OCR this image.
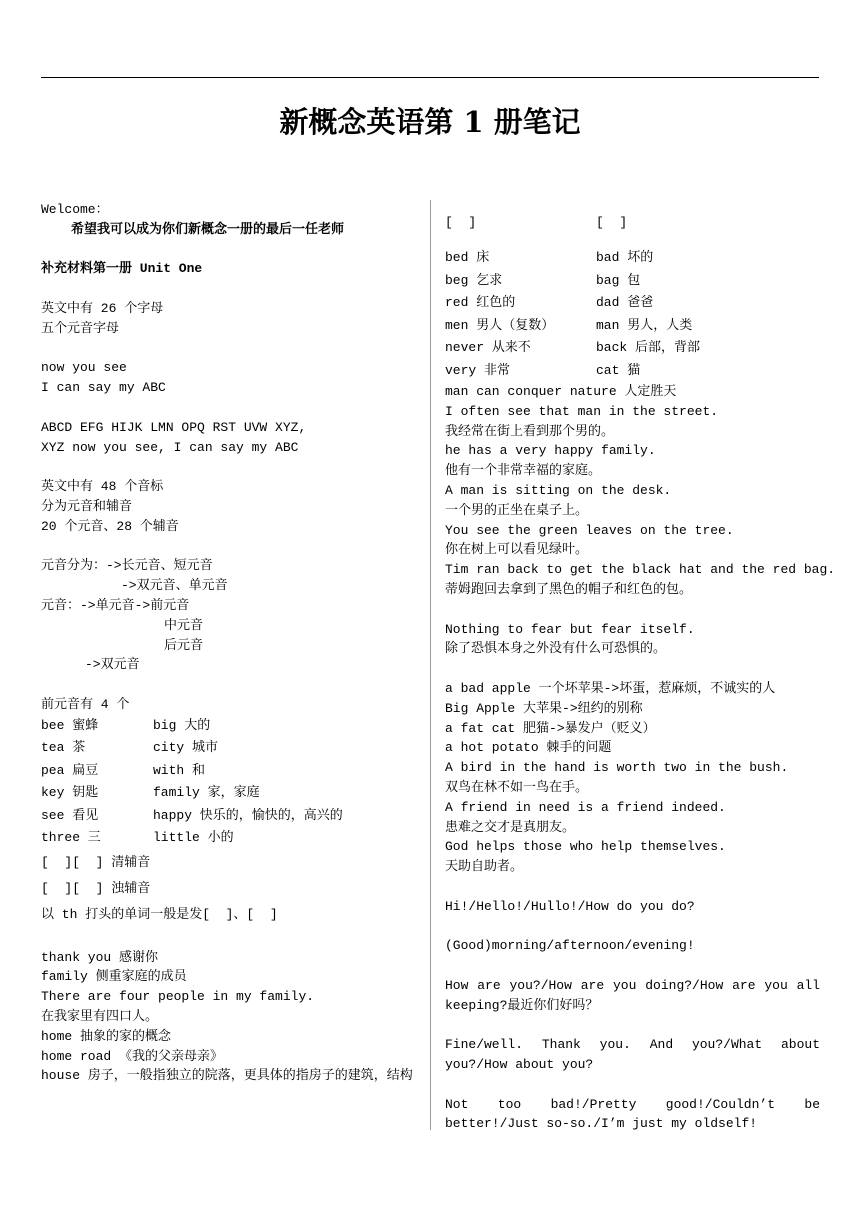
新概念英语第 1 册笔记
Welcome：
希望我可以成为你们新概念一册的最后一任老师
补充材料第一册 Unit One
英文中有 26 个字母
五个元音字母
now you see
I can say my ABC
ABCD EFG HIJK LMN OPQ RST UVW XYZ,
XYZ now you see, I can say my ABC
英文中有 48 个音标
分为元音和辅音
20 个元音、28 个辅音
元音分为：->长元音、短元音
->双元音、单元音
元音：->单元音->前元音
中元音
后元音
->双元音
前元音有 4 个
bee 蜜蜂	big 大的
tea 茶	city 城市
pea 扁豆	with 和
key 钥匙	family 家，家庭
see 看见	happy 快乐的，愉快的，高兴的
three 三	little 小的
[  ][  ] 清辅音
[  ][  ] 浊辅音
以 th 打头的单词一般是发[  ]、[  ]
thank you 感谢你
family 侧重家庭的成员
There are four people in my family.
在我家里有四口人。
home 抽象的家的概念
home road 《我的父亲母亲》
house 房子，一般指独立的院落，更具体的指房子的建筑，结构
[  ]	[  ]
bed 床	bad 坏的
beg 乞求	bag 包
red 红色的	dad 爸爸
men 男人（复数）	man 男人，人类
never 从来不	back 后部，背部
very 非常	cat 猫
man can conquer nature 人定胜天
I often see that man in the street.
我经常在街上看到那个男的。
he has a very happy family.
他有一个非常幸福的家庭。
A man is sitting on the desk.
一个男的正坐在桌子上。
You see the green leaves on the tree.
你在树上可以看见绿叶。
Tim ran back to get the black hat and the red bag.
蒂姆跑回去拿到了黑色的帽子和红色的包。
Nothing to fear but fear itself.
除了恐惧本身之外没有什么可恐惧的。
a bad apple 一个坏苹果->坏蛋，惹麻烦，不诚实的人
Big Apple 大苹果->纽约的别称
a fat cat 肥猫->暴发户（贬义）
a hot potato 棘手的问题
A bird in the hand is worth two in the bush.
双鸟在林不如一鸟在手。
A friend in need is a friend indeed.
患难之交才是真朋友。
God helps those who help themselves.
天助自助者。
Hi!/Hello!/Hullo!/How do you do?
(Good)morning/afternoon/evening!
How are you?/How are you doing?/How are you all keeping?最近你们好吗？
Fine/well. Thank you. And you?/What about you?/How about you?
Not too bad!/Pretty good!/Couldn’t be better!/Just so-so./I’m just my oldself!
